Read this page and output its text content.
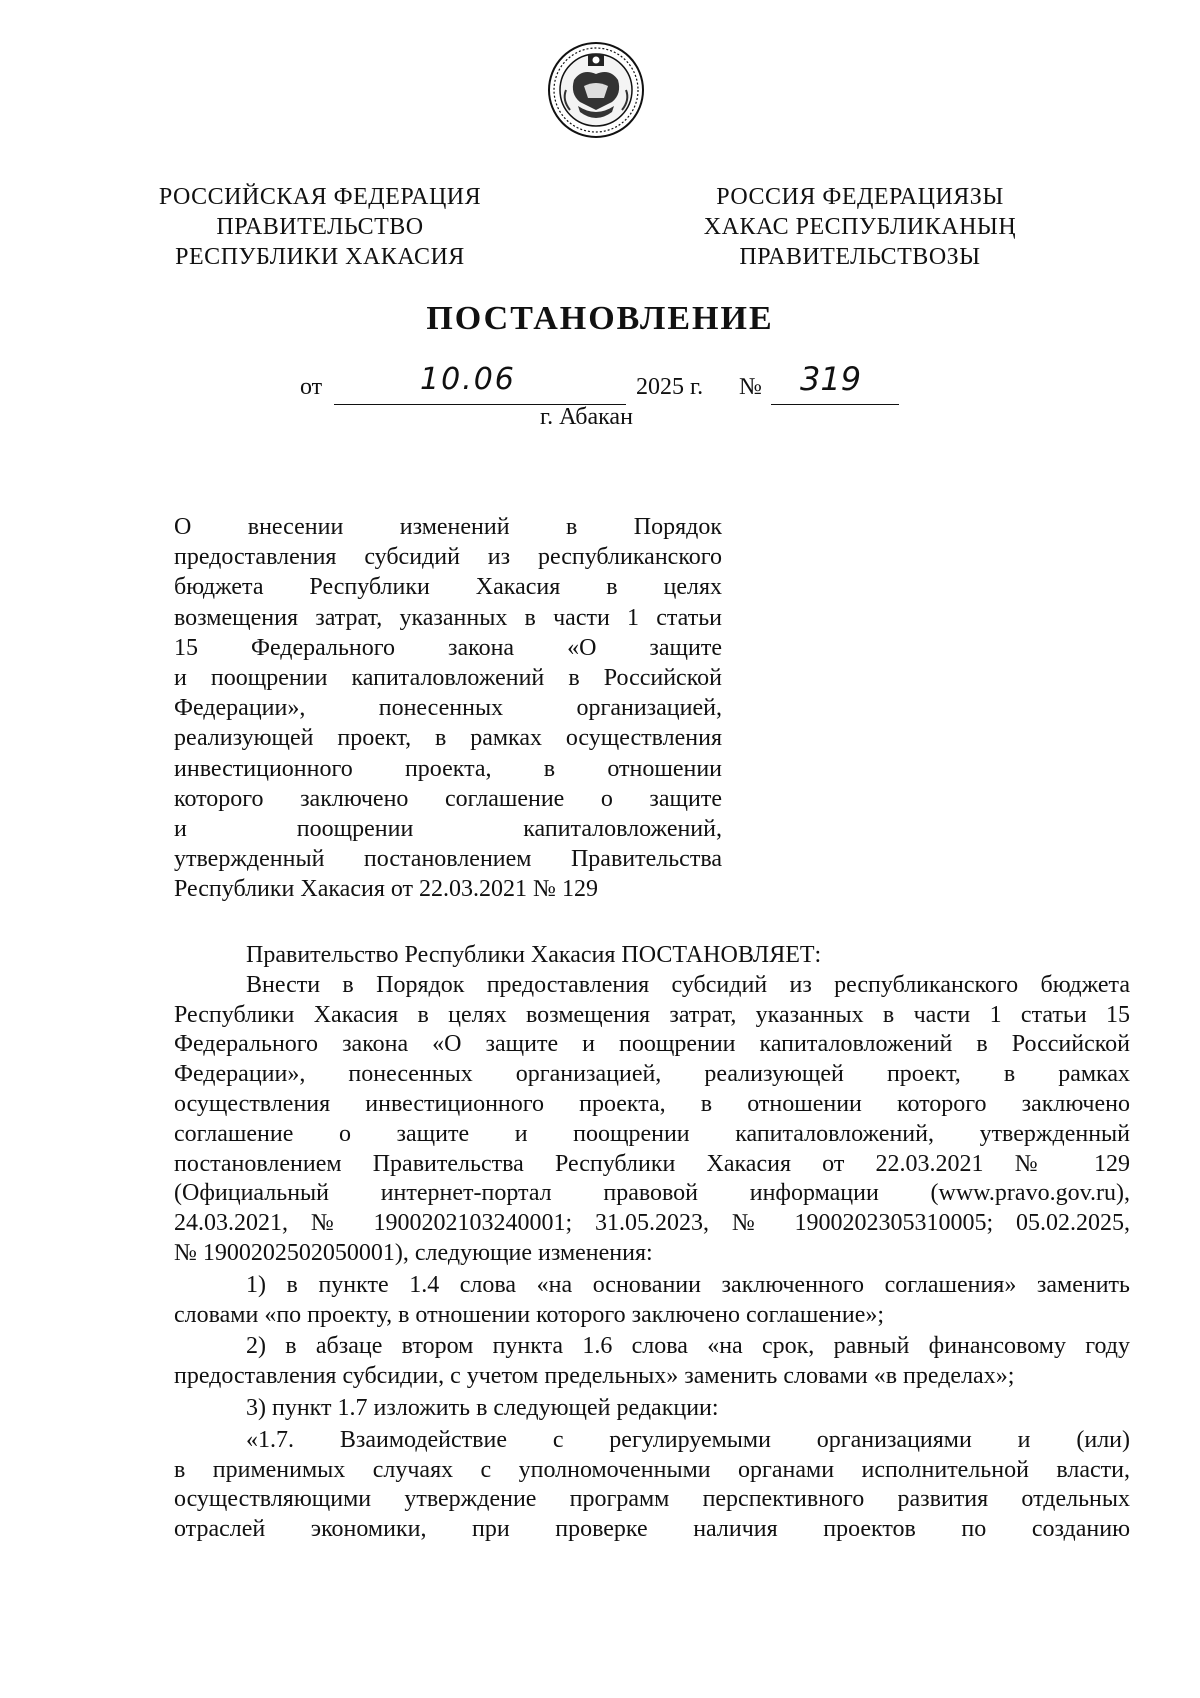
РОССИЙСКАЯ ФЕДЕРАЦИЯ
ПРАВИТЕЛЬСТВО
РЕСПУБЛИКИ ХАКАСИЯ
РОССИЯ ФЕДЕРАЦИЯЗЫ
ХАКАС РЕСПУБЛИКАНЫҢ
ПРАВИТЕЛЬСТВОЗЫ
ПОСТАНОВЛЕНИЕ
от	10.06	2025 г. № 319
г. Абакан
О внесении изменений в Порядок
предоставления субсидий из республиканского
бюджета Республики Хакасия в целях
возмещения затрат, указанных в части 1 статьи
15 Федерального закона «О защите
и поощрении капиталовложений в Российской
Федерации», понесенных организацией,
реализующей проект, в рамках осуществления
инвестиционного проекта, в отношении
которого заключено соглашение о защите
и поощрении капиталовложений,
утвержденный постановлением Правительства
Республики Хакасия от 22.03.2021 № 129
Правительство Республики Хакасия ПОСТАНОВЛЯЕТ:
Внести в Порядок предоставления субсидий из республиканского бюджета
Республики Хакасия в целях возмещения затрат, указанных в части 1 статьи 15
Федерального закона «О защите и поощрении капиталовложений в Российской
Федерации», понесенных организацией, реализующей проект, в рамках
осуществления инвестиционного проекта, в отношении которого заключено
соглашение о защите и поощрении капиталовложений, утвержденный
постановлением Правительства Республики Хакасия от 22.03.2021 № 129
(Официальный интернет-портал правовой информации (www.pravo.gov.ru),
24.03.2021, № 1900202103240001; 31.05.2023, № 1900202305310005; 05.02.2025,
№ 1900202502050001), следующие изменения:
1) в пункте 1.4 слова «на основании заключенного соглашения» заменить
словами «по проекту, в отношении которого заключено соглашение»;
2) в абзаце втором пункта 1.6 слова «на срок, равный финансовому году
предоставления субсидии, с учетом предельных» заменить словами «в пределах»;
3) пункт 1.7 изложить в следующей редакции:
«1.7. Взаимодействие с регулируемыми организациями и (или)
в применимых случаях с уполномоченными органами исполнительной власти,
осуществляющими утверждение программ перспективного развития отдельных
отраслей экономики, при проверке наличия проектов по созданию
